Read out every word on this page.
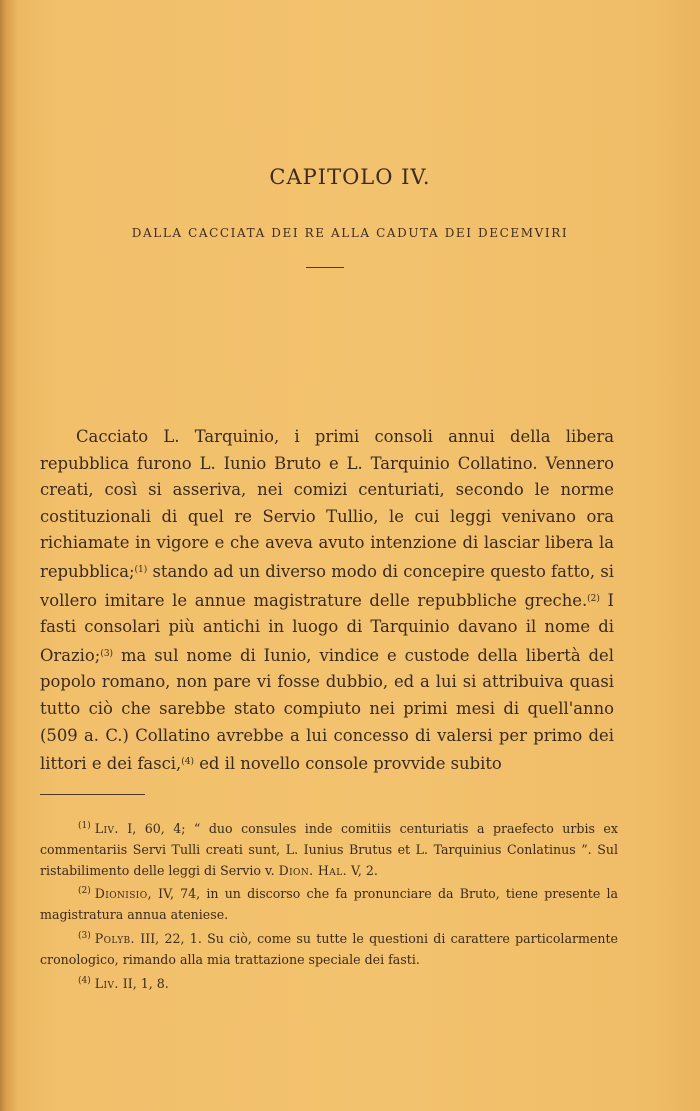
CAPITOLO IV.
DALLA CACCIATA DEI RE ALLA CADUTA DEI DECEMVIRI

Cacciato L. Tarquinio, i primi consoli annui della libera repubblica furono L. Iunio Bruto e L. Tarquinio Collatino. Vennero creati, così si asseriva, nei comizi centuriati, secondo le norme costituzionali di quel re Servio Tullio, le cui leggi venivano ora richiamate in vigore e che aveva avuto intenzione di lasciar libera la repubblica;$^{(1)}$ stando ad un diverso modo di concepire questo fatto, si vollero imitare le annue magistrature delle repubbliche greche.$^{(2)}$ I fasti consolari più antichi in luogo di Tarquinio davano il nome di Orazio;$^{(3)}$ ma sul nome di Iunio, vindice e custode della libertà del popolo romano, non pare vi fosse dubbio, ed a lui si attribuiva quasi tutto ciò che sarebbe stato compiuto nei primi mesi di quell'anno (509 a. C.) Collatino avrebbe a lui concesso di valersi per primo dei littori e dei fasci,$^{(4)}$ ed il novello console provvide subito

$^{(1)}$ Liv. I, 60, 4; “ duo consules inde comitiis centuriatis a praefecto urbis ex commentariis Servi Tulli creati sunt, L. Iunius Brutus et L. Tarquinius Conlatinus ”. Sul ristabilimento delle leggi di Servio v. Dion. Hal. V, 2.

$^{(2)}$ Dionisio, IV, 74, in un discorso che fa pronunciare da Bruto, tiene presente la magistratura annua ateniese.

$^{(3)}$ Polyb. III, 22, 1. Su ciò, come su tutte le questioni di carattere particolarmente cronologico, rimando alla mia trattazione speciale dei fasti.

$^{(4)}$ Liv. II, 1, 8.
